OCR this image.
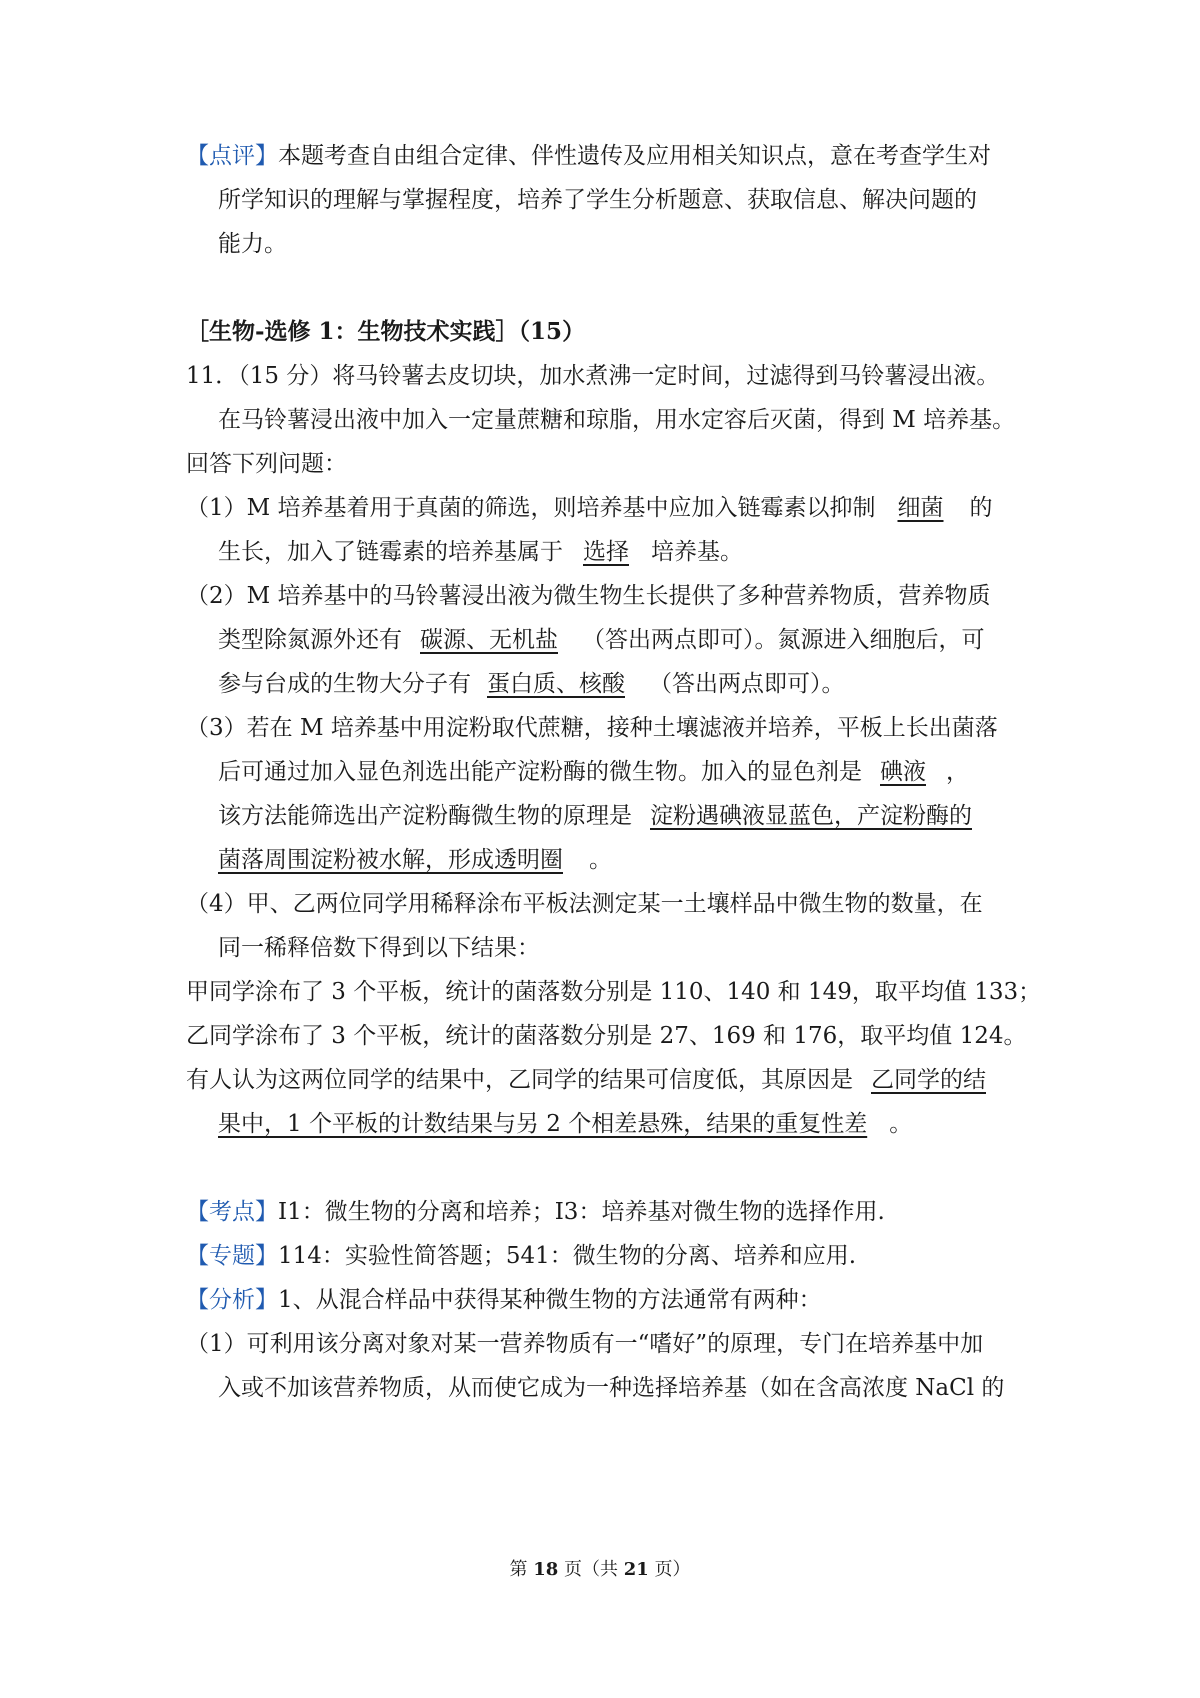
【点评】本题考查自由组合定律、伴性遗传及应用相关知识点，意在考查学生对
所学知识的理解与掌握程度，培养了学生分析题意、获取信息、解决问题的
能力。
［生物-选修 1：生物技术实践］（15）
11．（15 分）将马铃薯去皮切块，加水煮沸一定时间，过滤得到马铃薯浸出液。
在马铃薯浸出液中加入一定量蔗糖和琼脂，用水定容后灭菌，得到 M 培养基。
回答下列问题：
（1）M 培养基着用于真菌的筛选，则培养基中应加入链霉素以抑制 细菌 的
生长，加入了链霉素的培养基属于 选择 培养基。
（2）M 培养基中的马铃薯浸出液为微生物生长提供了多种营养物质，营养物质
类型除氮源外还有 碳源、无机盐 （答出两点即可）。氮源进入细胞后，可
参与台成的生物大分子有 蛋白质、核酸 （答出两点即可）。
（3）若在 M 培养基中用淀粉取代蔗糖，接种土壤滤液并培养，平板上长出菌落
后可通过加入显色剂选出能产淀粉酶的微生物。加入的显色剂是 碘液 ，
该方法能筛选出产淀粉酶微生物的原理是 淀粉遇碘液显蓝色，产淀粉酶的
菌落周围淀粉被水解，形成透明圈 。
（4）甲、乙两位同学用稀释涂布平板法测定某一土壤样品中微生物的数量，在
同一稀释倍数下得到以下结果：
甲同学涂布了 3 个平板，统计的菌落数分别是 110、140 和 149，取平均值 133；
乙同学涂布了 3 个平板，统计的菌落数分别是 27、169 和 176，取平均值 124。
有人认为这两位同学的结果中，乙同学的结果可信度低，其原因是 乙同学的结
果中，1 个平板的计数结果与另 2 个相差悬殊，结果的重复性差 。
【考点】I1：微生物的分离和培养；I3：培养基对微生物的选择作用.
【专题】114：实验性简答题；541：微生物的分离、培养和应用.
【分析】1、从混合样品中获得某种微生物的方法通常有两种：
（1）可利用该分离对象对某一营养物质有一“嗜好”的原理，专门在培养基中加
入或不加该营养物质，从而使它成为一种选择培养基（如在含高浓度 NaCl 的
第 18 页（共 21 页）
